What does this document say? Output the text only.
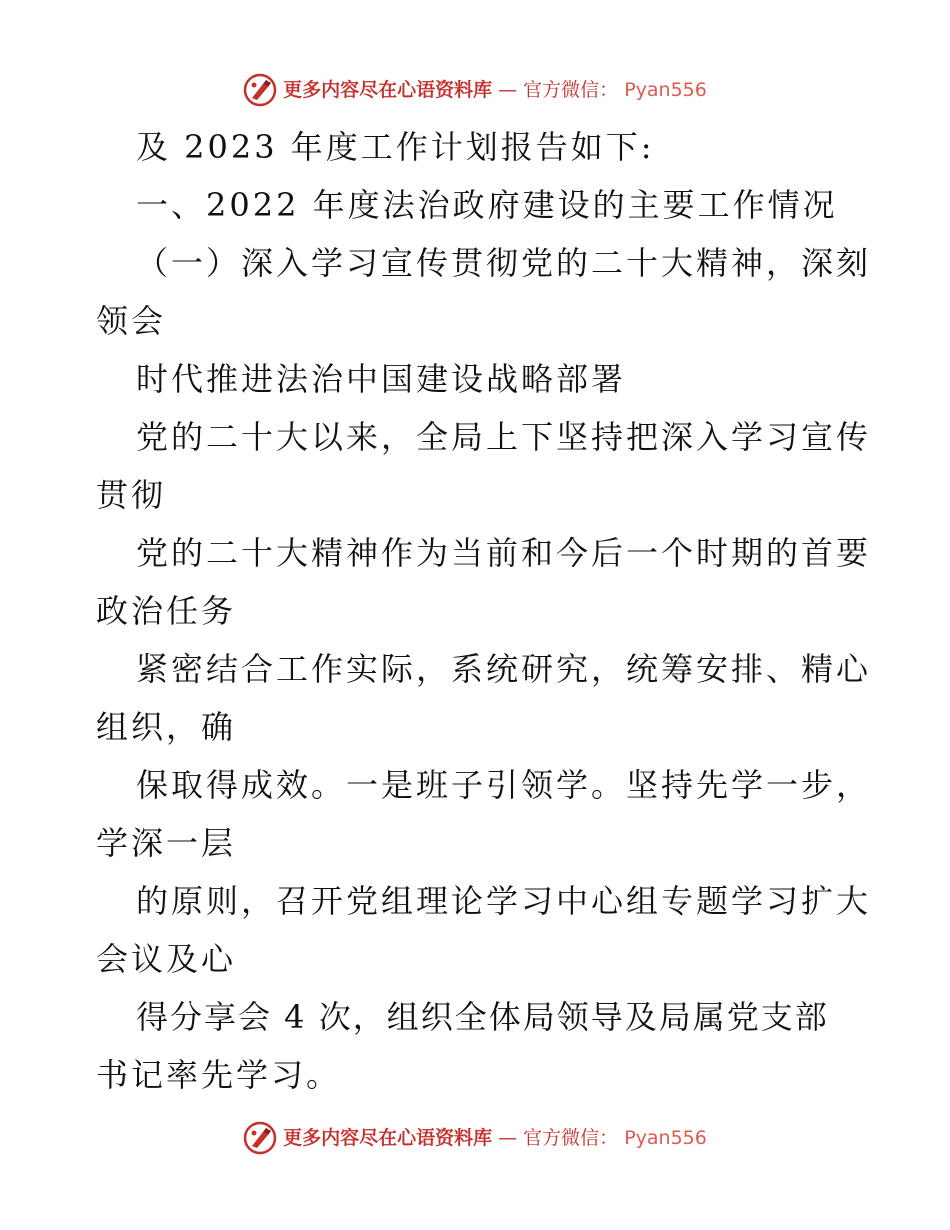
更多内容尽在心语资料库 — 官方微信： Pyan556

及 2023 年度工作计划报告如下:

一、2022 年度法治政府建设的主要工作情况

（一）深入学习宣传贯彻党的二十大精神，深刻

领会

时代推进法治中国建设战略部署

党的二十大以来，全局上下坚持把深入学习宣传

贯彻

党的二十大精神作为当前和今后一个时期的首要

政治任务

紧密结合工作实际，系统研究，统筹安排、精心

组织，确

保取得成效。一是班子引领学。坚持先学一步，

学深一层

的原则，召开党组理论学习中心组专题学习扩大

会议及心

得分享会 4 次，组织全体局领导及局属党支部

书记率先学习。

更多内容尽在心语资料库 — 官方微信： Pyan556
